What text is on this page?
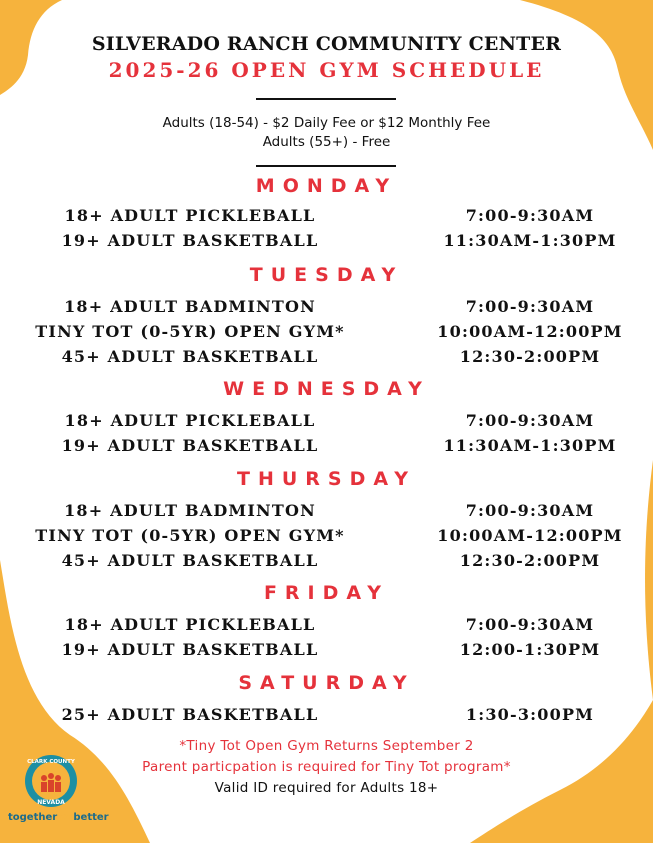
SILVERADO RANCH COMMUNITY CENTER
2025-26 OPEN GYM SCHEDULE
Adults (18-54) - $2 Daily Fee or $12 Monthly Fee
Adults (55+) - Free
MONDAY
18+ ADULT PICKLEBALL	7:00-9:30AM
19+ ADULT BASKETBALL	11:30AM-1:30PM
TUESDAY
18+ ADULT BADMINTON	7:00-9:30AM
TINY TOT (0-5YR) OPEN GYM*	10:00AM-12:00PM
45+ ADULT BASKETBALL	12:30-2:00PM
WEDNESDAY
18+ ADULT PICKLEBALL	7:00-9:30AM
19+ ADULT BASKETBALL	11:30AM-1:30PM
THURSDAY
18+ ADULT BADMINTON	7:00-9:30AM
TINY TOT (0-5YR) OPEN GYM*	10:00AM-12:00PM
45+ ADULT BASKETBALL	12:30-2:00PM
FRIDAY
18+ ADULT PICKLEBALL	7:00-9:30AM
19+ ADULT BASKETBALL	12:00-1:30PM
SATURDAY
25+ ADULT BASKETBALL	1:30-3:00PM
*Tiny Tot Open Gym Returns September 2
Parent particpation is required for Tiny Tot program*
Valid ID required for Adults 18+
CLARK COUNTY
NEVADA
togetherforbetter
